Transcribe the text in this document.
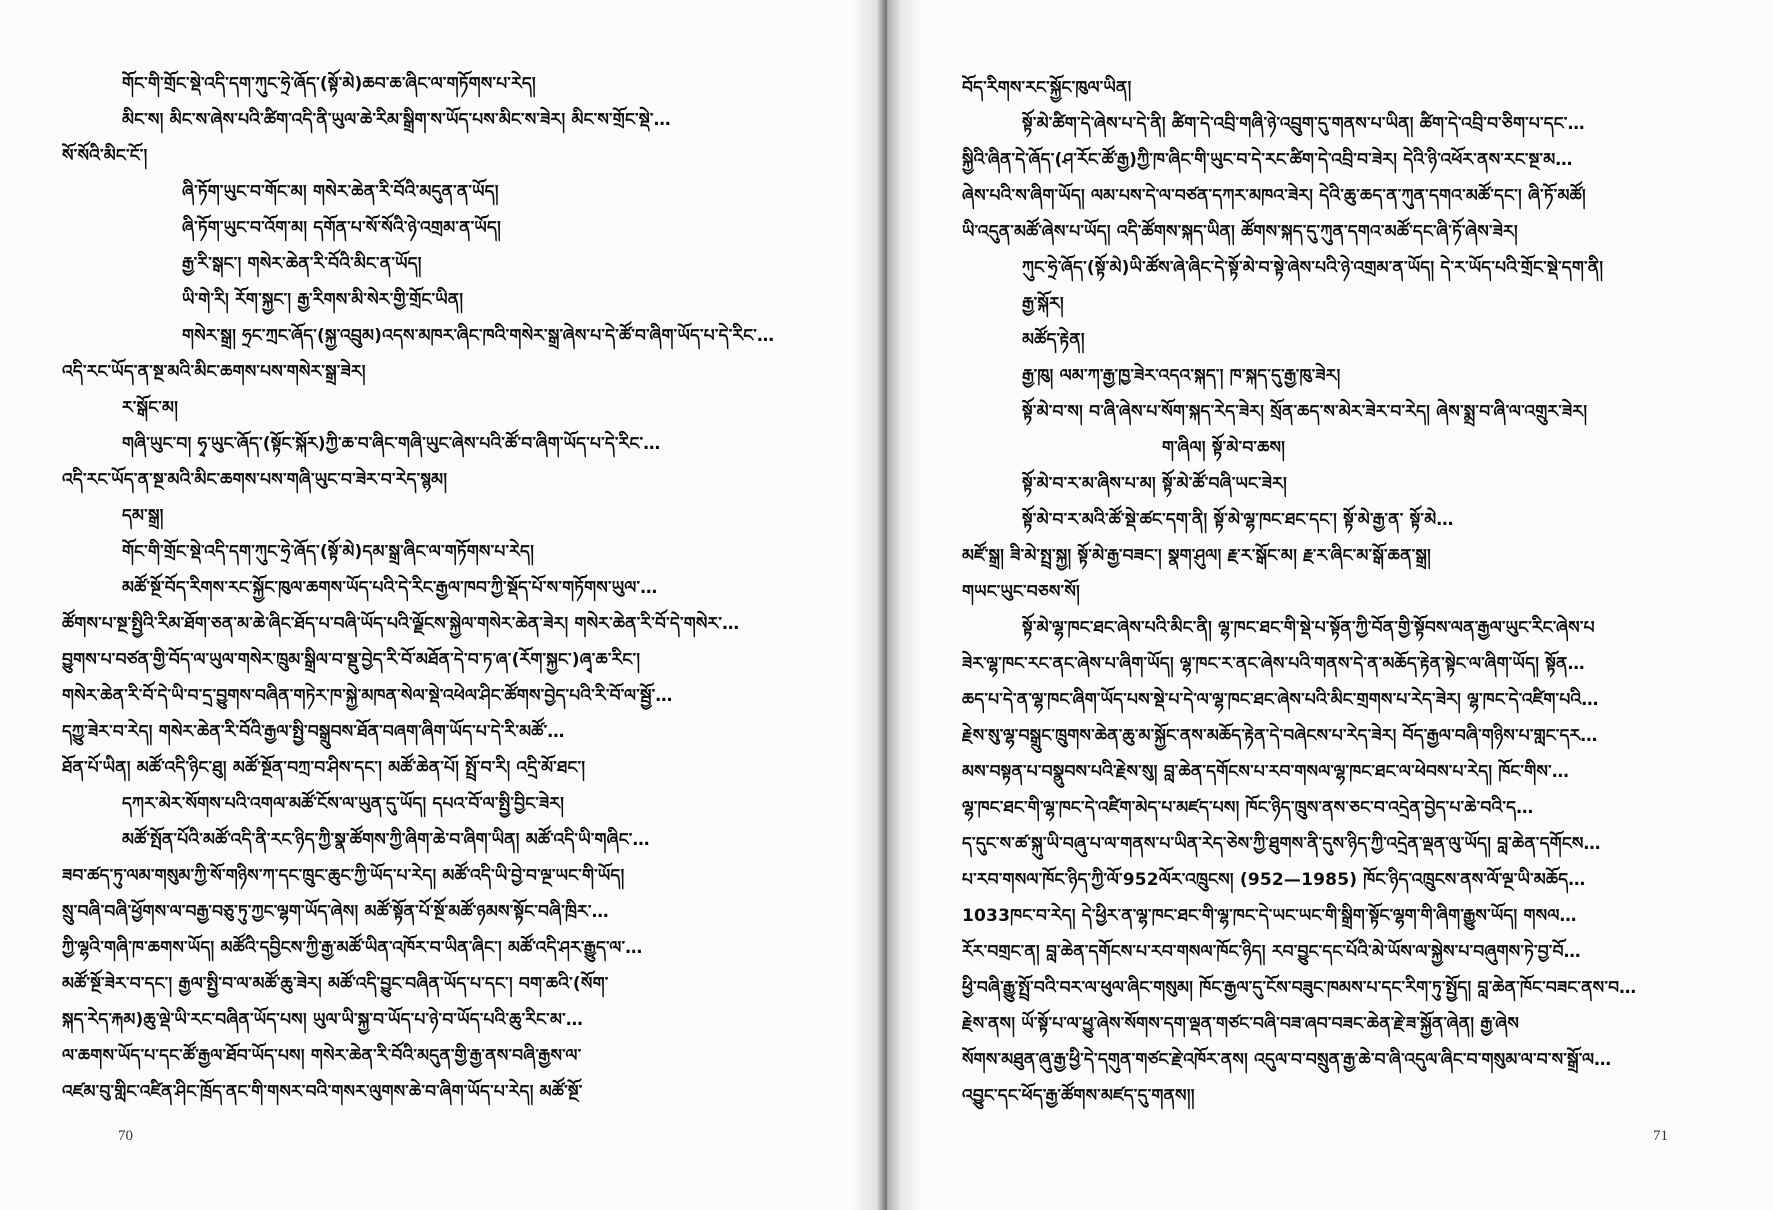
གོང་གི་གྲོང་སྡེ་འདི་དག་ཀུང་ཧྲེ་ཞོད་(སྟོ་མེ)ཆབ་ཆ་ཞིང་ལ་གཏོགས་པ་རེད།
མིང་ས། མིང་ས་ཞེས་པའི་ཚིག་འདི་ནི་ཡུལ་ཆེ་རིམ་སྒྲིག་ས་ཡོད་པས་མིང་ས་ཟེར། མིང་ས་གྲོང་སྡེ་…
སོ་སོའི་མིང་ངོ་།
ཞི་ཏོག་ཡུང་བ་གོང་མ། གསེར་ཆེན་རི་བོའི་མདུན་ན་ཡོད།
ཞི་ཏོག་ཡུང་བ་འོག་མ། དགོན་པ་སོ་སོའི་ཉེ་འགྲམ་ན་ཡོད།
རྒྱ་རི་སྒང་། གསེར་ཆེན་རི་བོའི་མིང་ན་ཡོད།
ཡི་གེ་རི། རོག་སྐྱང་། རྒྱ་རིགས་མི་སེར་གྱི་གྲོང་ཡིན།
གསེར་སྒྲ། ཧྲང་ཀྲང་ཞོད་(སྐྱ་འབྲུམ)འདས་མཁར་ཞིང་ཁའི་གསེར་སྒྲ་ཞེས་པ་དེ་ཚོ་བ་ཞིག་ཡོད་པ་དེ་རིང་…
འདི་རང་ཡོད་ན་སྔ་མའི་མིང་ཆགས་པས་གསེར་སྒྲ་ཟེར།
ར་སྒོང་མ།
གཞི་ཡུང་བ། ཧྭ་ཡུང་ཞོད་(སྟོང་སྐོར)ཀྱི་ཆ་བ་ཞིང་གཞི་ཡུང་ཞེས་པའི་ཚོ་བ་ཞིག་ཡོད་པ་དེ་རིང་…
འདི་རང་ཡོད་ན་སྔ་མའི་མིང་ཆགས་པས་གཞི་ཡུང་བ་ཟེར་བ་རེད་སྙམ།
དམ་སྒྲ།
གོང་གི་གྲོང་སྡེ་འདི་དག་ཀུང་ཧྲེ་ཞོད་(སྟོ་མེ)དམ་སྒྲ་ཞིང་ལ་གཏོགས་པ་རེད།
མཚོ་སྔོ་བོད་རིགས་རང་སྐྱོང་ཁུལ་ཆགས་ཡོད་པའི་དེ་རིང་རྒྱལ་ཁབ་ཀྱི་སྡོད་པོ་ས་གཏོགས་ཡུལ་…
ཚོགས་པ་སྔ་སྤྱིའི་རིམ་ཐོག་ཅན་མ་ཆེ་ཞིང་ཐོད་པ་བཞི་ཡོད་པའི་ལྗོངས་སྐྱེལ་གསེར་ཆེན་ཟེར། གསེར་ཆེན་རི་བོ་དེ་གསེར་…
བྱུགས་པ་བཙན་གྱི་བོད་ལ་ཡུལ་གསེར་ཁྲུམ་སྒྲིལ་བ་སྡུ་བྱེད་རི་བོ་མཐོན་དེ་བ་ཏ་ཞ་(རོག་སྐྱང་)ཞྭ་ཆ་རིང་།
གསེར་ཆེན་རི་བོ་དེ་ཡི་བ་དྲ་བྱུགས་བཞིན་གཏེར་ཁ་སྐྱེ་མཁན་སེལ་སྡེ་འཕེལ་ཤིང་ཚོགས་བྱེད་པའི་རི་བོ་ལ་སྦྱོ་…
དཀྱུ་ཟེར་བ་རེད། གསེར་ཆེན་རི་བོའི་རྒྱལ་སྤྱི་བསྒྲུབས་ཐོན་བཞག་ཞིག་ཡོད་པ་དེ་རི་མཚོ་…
ཐོན་པོ་ཡིན། མཚོ་འདི་ཉིང་ཐུ། མཚོ་སྔོན་བཀྲ་བ་ཤིས་དང་། མཚོ་ཆེན་པོ། སྤྲོ་བ་རི། འདྲི་མོ་ཐང་།
དཀར་མེར་སོགས་པའི་འགལ་མཚོ་ངོས་ལ་ཡུན་དུ་ཡོད། དཔའ་བོ་ལ་སྤྱི་བྱིང་ཟེར།
མཚོ་སྤོན་པོའི་མཚོ་འདི་ནི་རང་ཉིད་ཀྱི་སྣ་ཚོགས་ཀྱི་ཞིག་ཆེ་བ་ཞིག་ཡིན། མཚོ་འདི་ཡི་གཞིང་…
ཟབ་ཚད་ཏུ་ལམ་གསུམ་ཀྱི་སོ་གཉིས་ཀ་དང་ཁྲུང་ཆུང་ཀྱི་ཡོད་པ་རེད། མཚོ་འདི་ཡི་བྱེ་བ་ལྔ་ཡང་གི་ཡོད།
སྲུ་བཞི་བཞི་ཕྱོགས་ལ་བརྒྱ་བཅུ་ཏུ་ཀྱང་ལྷག་ཡོད་ཞེས། མཚོ་སྟོན་པོ་སྔོ་མཚོ་ཉམས་སྟོང་བཞི་ཁྲིར་…
ཀྱི་ལྷའི་གཞི་ཁ་ཆགས་ཡོད། མཚོའི་དབྱིངས་ཀྱི་རྒྱ་མཚོ་ཡིན་འཁོར་བ་ཡིན་ཞིང་། མཚོ་འདི་ཤར་རྒྱུད་ལ་…
མཚོ་སྔོ་ཟེར་བ་དང་། རྒྱལ་སྤྱི་བ་ལ་མཚོ་ཆུ་ཟེར། མཚོ་འདི་བྱུང་བཞིན་ཡོད་པ་དང་། བག་ཆའི་(སོག་
སྐད་རེད་རྐམ)ཆུ་ལྡེ་ཡི་རང་བཞིན་ཡོད་པས། ཡུལ་ཡི་སྐྱ་བ་ཡོད་པ་ཉེ་བ་ཡོད་པའི་ཆུ་རིང་མ་…
ལ་ཆགས་ཡོད་པ་དང་ཚོ་རྒྱལ་ཐོབ་ཡོད་པས། གསེར་ཆེན་རི་བོའི་མདུན་གྱི་རྒྱ་ནས་བཞི་རྒྱས་ལ་
འཛམ་བུ་གླིང་འཛིན་ཤིང་ཁྲོད་ནང་གི་གསར་བའི་གསར་ལུགས་ཆེ་བ་ཞིག་ཡོད་པ་རེད། མཚོ་སྔོ་
70
བོད་རིགས་རང་སྐྱོང་ཁུལ་ཡིན།
སྟོ་མེ་ཚིག་དེ་ཞེས་པ་དེ་ནི། ཚིག་དེ་འབྲི་གཞི་ཉེ་འབྲུག་དུ་གནས་པ་ཡིན། ཚིག་དེ་འབྲི་བ་ཅིག་པ་དང་…
སྐྱིའི་ཞིན་དེ་ཞོད་(ཤ་རོང་ཚོ་རྒྱ)ཀྱི་ཁ་ཞིང་གི་ཡུང་བ་དེ་རང་ཚིག་དེ་འབྲི་བ་ཟེར། དེའི་ཉི་འཕོར་ནས་རང་སྔ་མ…
ཞེས་པའི་ས་ཞིག་ཡོད། ལམ་པས་དེ་ལ་བཙན་དཀར་མཁའ་ཟེར། དེའི་ཆུ་ཆད་ན་ཀུན་དགའ་མཚོ་དང་། ཞི་ཏོ་མཚོ།
ཡི་འདུན་མཚོ་ཞེས་པ་ཡོད། འདི་ཚོགས་སྐད་ཡིན། ཚོགས་སྐད་དུ་ཀུན་དགའ་མཚོ་དང་ཞི་ཏོ་ཞེས་ཟེར།
ཀུང་ཧྲེ་ཞོད་(སྟོ་མེ)ཡི་ཚོས་ཞེ་ཞིང་དེ་སྟོ་མེ་བ་སྟེ་ཞེས་པའི་ཉེ་འགྲམ་ན་ཡོད། དེ་ར་ཡོད་པའི་གྲོང་སྡེ་དག་ནི།
རྒྱ་སྐོར།
མཚོད་རྟེན།
རྒྱ་ཁུ། ལམ་ཀ་རྒྱ་ཁྱ་ཟེར་འདའ་སྐད་། ཁ་སྐད་དུ་རྒྱ་ཁུ་ཟེར།
སྟོ་མེ་བ་ས། བ་ཞི་ཞེས་པ་སོག་སྐད་རེད་ཟེར། སྲོན་ཆད་ས་མེར་ཟེར་བ་རེད། ཞེས་སྨྲ་བ་ཞི་ལ་འགྲུར་ཟེར།
ག་ཞིལ། སྟོ་མེ་བ་ཆས།
སྟོ་མེ་བ་ར་མ་ཞིས་པ་མ། སྟོ་མེ་ཚོ་བཞི་ཡང་ཟེར།
སྟོ་མེ་བ་ར་མའི་ཚོ་སྡེ་ཚང་དག་ནི། སྟོ་མེ་ལྷ་ཁང་ཐང་དང་། སྟོ་མེ་རྒྱ་ན་ སྟོ་མེ…
མཛོ་སྒྲ། ཟི་མེ་སྤྲ་སྐྱ། སྟོ་མེ་རྒྱ་བཟང་། སྣག་ཤུལ། རྗ་ར་སྒོང་མ། རྗ་ར་ཞིང་མ་སྒོ་ཆན་སྒྲ།
གཡང་ཡུང་བཅས་སོ།
སྟོ་མེ་ལྷ་ཁང་ཐང་ཞེས་པའི་མིང་ནི། ལྷ་ཁང་ཐང་གི་སྡེ་པ་སྟོན་ཀྱི་བོན་གྱི་སྟོབས་ལན་རྒྱལ་ཡུང་རིང་ཞེས་པ
ཟེར་ལྷ་ཁང་རང་ནང་ཞེས་པ་ཞིག་ཡོད། ལྷ་ཁང་ར་ནང་ཞེས་པའི་གནས་དེ་ན་མཆོད་རྟེན་སྟེང་ལ་ཞིག་ཡོད། སྟོན…
ཆད་པ་དེ་ན་ལྷ་ཁང་ཞིག་ཡོད་པས་སྡེ་པ་དེ་ལ་ལྷ་ཁང་ཐང་ཞེས་པའི་མིང་གྲགས་པ་རེད་ཟེར། ལྷ་ཁང་དེ་འཛིག་པའི…
རྗེས་སུ་ལྷ་བསྒྲུང་ཁྲུགས་ཆེན་ཆུ་མ་སྐྱོང་ནས་མཆོད་རྟེན་དེ་བཞེངས་པ་རེད་ཟེར། བོད་རྒྱལ་བཞི་གཉིས་པ་གླང་དར…
མས་བསྟན་པ་བསྣུབས་པའི་རྗེས་སུ། བླ་ཆེན་དགོངས་པ་རབ་གསལ་ལྷ་ཁང་ཐང་ལ་ཕེབས་པ་རེད། ཁོང་གིས་…
ལྷ་ཁང་ཐང་གི་ལྷ་ཁང་དེ་འཛིག་མེད་པ་མཛད་པས། ཁོང་ཉིད་ཁྲུས་ནས་ཅང་བ་འདྲེན་བྱེད་པ་ཆེ་བའི་ད…
ད་དུང་ས་ཚ་སྐུ་ཡི་བཞུ་པ་ལ་གནས་པ་ཡིན་རེད་ཅེས་ཀྱི་ཐུགས་ནི་དུས་ཉིད་ཀྱི་འདྲེན་ལྡན་ལུ་ཡོད། བླ་ཆེན་དགོངས…
པ་རབ་གསལ་ཁོང་ཉིད་ཀྱི་ལོ་952ལོར་འཁྲུངས། (952—1985) ཁོང་ཉིད་འཁྲུངས་ནས་ལོ་ལྔ་ཡི་མཆོད…
1033ཁང་བ་རེད། དེ་ཕྱིར་ན་ལྷ་ཁང་ཐང་གི་ལྷ་ཁང་དེ་ཡང་ཡང་གི་སྒྲིག་སྟོང་ལྷག་གི་ཞིག་རྒྱུས་ཡོད། གསལ…
རོར་བགྲང་ན། བླ་ཆེན་དགོངས་པ་རབ་གསལ་ཁོང་ཉིད། རབ་བྱུང་དང་པོའི་མེ་ཡོས་ལ་སྐྱེས་པ་བཞུགས་ཏེ་བྱ་བོ…
ཕྱི་བཞི་རྒྱུ་སྤྲོ་བའི་བར་ལ་ཕུལ་ཞིང་གསུམ། ཁོང་རྒྱལ་དུ་ངོས་བཟུང་ཁམས་པ་དང་རིག་ཏུ་སྤྱོད། བླ་ཆེན་ཁོང་བཟང་ནས་བ…
རྗེས་ནས། ཡོ་སྟོ་པ་ལ་ཕྱུ་ཞེས་སོགས་དག་ལྡན་གཙང་བཞི་བཟ་ཞབ་བཟང་ཆེན་རྗེ་ཟ་སྐྱོན་ཞེན། རྒྱ་ཞེས
སོགས་མཐུན་ཞུ་རྒྱ་ཕྱི་དེ་དགུན་གཙང་རྗེ་འཁོར་ནས། འདུལ་བ་བསྲུན་རྒྱ་ཆེ་བ་ཞི་འདུལ་ཞིང་བ་གསུམ་ལ་བ་ས་སྒྲོ་ལ…
འབྱུང་དང་ཕོད་རྒྱ་ཚོགས་མཛད་དུ་གནས།།
71
